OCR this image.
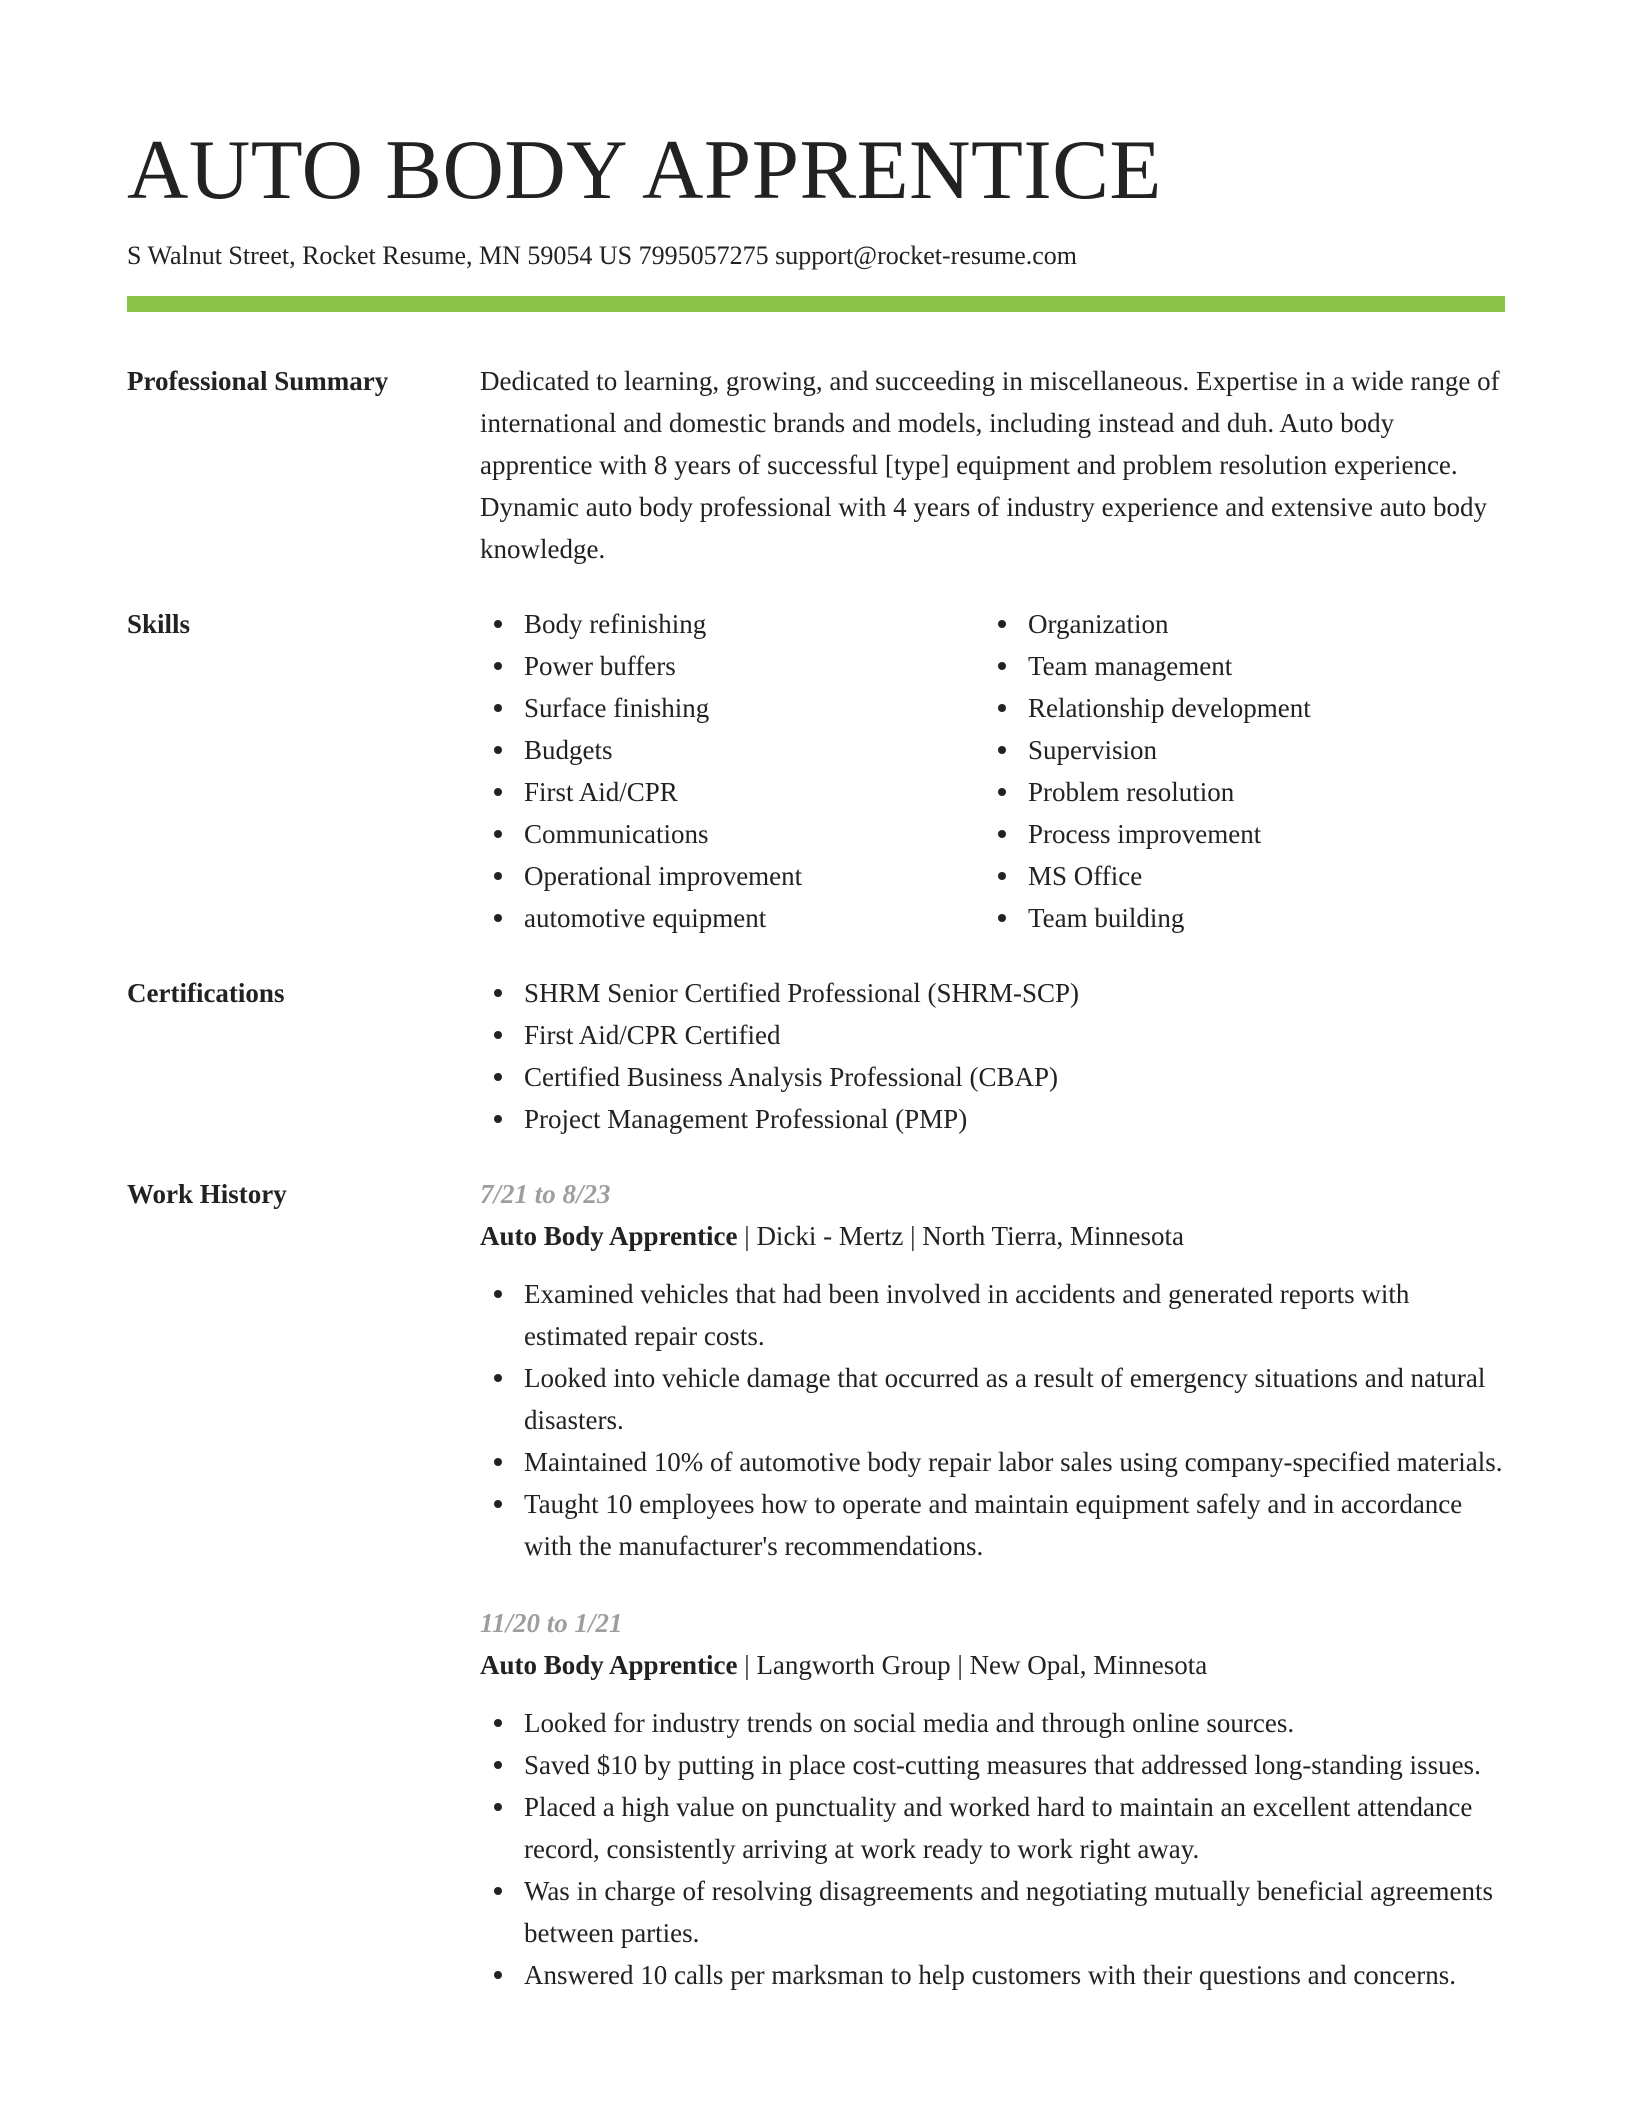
AUTO BODY APPRENTICE
S Walnut Street, Rocket Resume, MN 59054 US 7995057275 support@rocket-resume.com
Professional Summary	Dedicated to learning, growing, and succeeding in miscellaneous. Expertise in a wide range of international and domestic brands and models, including instead and duh. Auto body apprentice with 8 years of successful [type] equipment and problem resolution experience. Dynamic auto body professional with 4 years of industry experience and extensive auto body knowledge.

Skills	Body refinishing
Power buffers
Surface finishing
Budgets
First Aid/CPR
Communications
Operational improvement
automotive equipment
Organization
Team management
Relationship development
Supervision
Problem resolution
Process improvement
MS Office
Team building
Certifications	SHRM Senior Certified Professional (SHRM-SCP)
First Aid/CPR Certified
Certified Business Analysis Professional (CBAP)
Project Management Professional (PMP)
Work History	7/21 to 8/23
Auto Body Apprentice | Dicki - Mertz | North Tierra, Minnesota
Examined vehicles that had been involved in accidents and generated reports with estimated repair costs.
Looked into vehicle damage that occurred as a result of emergency situations and natural disasters.
Maintained 10% of automotive body repair labor sales using company-specified materials.
Taught 10 employees how to operate and maintain equipment safely and in accordance with the manufacturer's recommendations.
11/20 to 1/21
Auto Body Apprentice | Langworth Group | New Opal, Minnesota
Looked for industry trends on social media and through online sources.
Saved $10 by putting in place cost-cutting measures that addressed long-standing issues.
Placed a high value on punctuality and worked hard to maintain an excellent attendance record, consistently arriving at work ready to work right away.
Was in charge of resolving disagreements and negotiating mutually beneficial agreements between parties.
Answered 10 calls per marksman to help customers with their questions and concerns.
